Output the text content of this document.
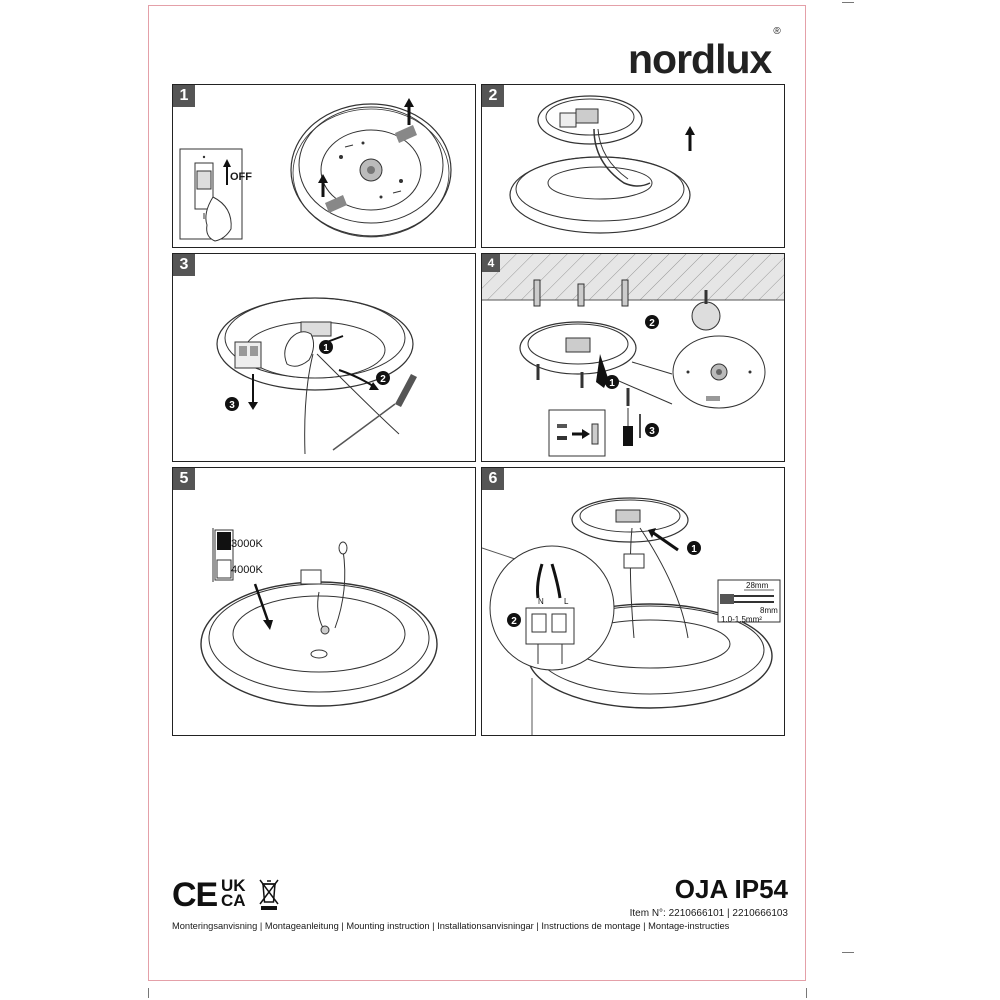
nordlux®
1
OFF
2
3
1
2
3
4
2
1
3
5
3000K
4000K
6
1
2
N	L
28mm
8mm
1.0-1.5mm²
CE UK
CA	OJA IP54
Item N°: 2210666101 | 2210666103
Monteringsanvisning | Montageanleitung | Mounting instruction | Installationsanvisningar | Instructions de montage | Montage-instructies
